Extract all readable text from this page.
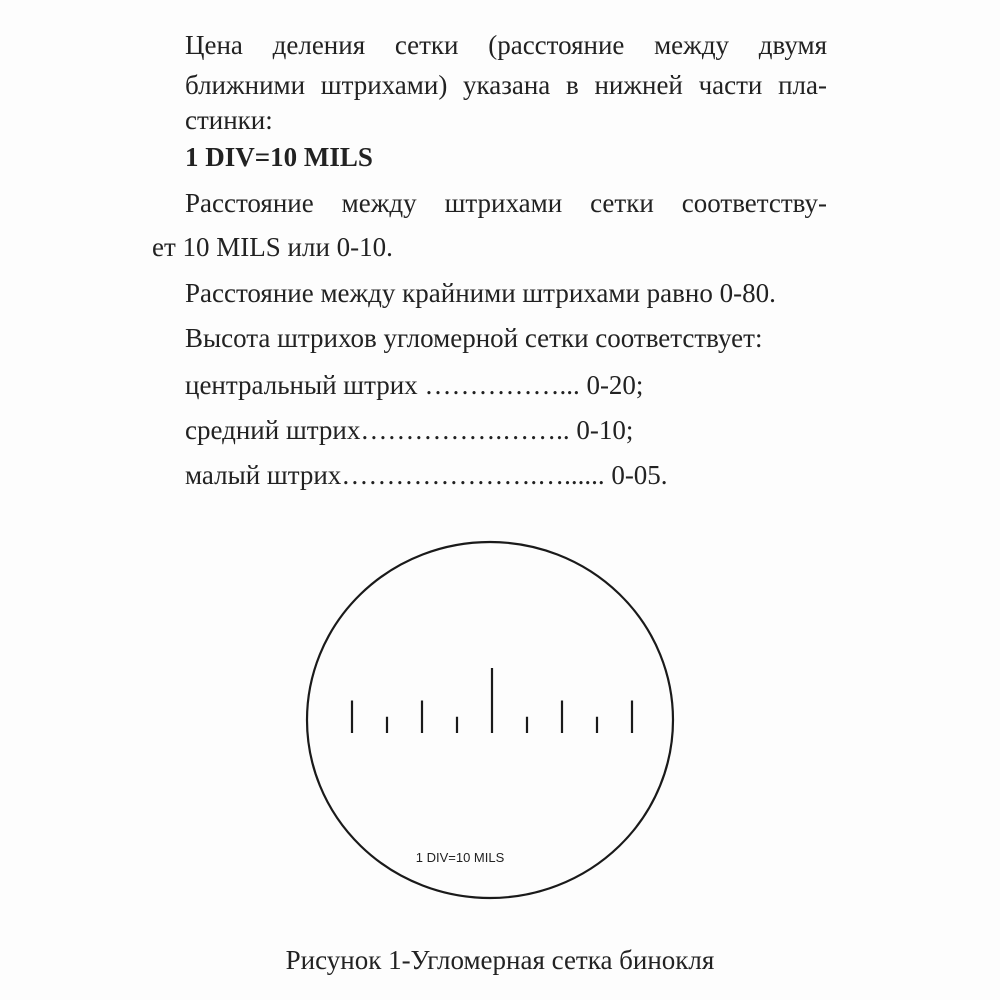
Цена деления сетки (расстояние между двумя
ближними штрихами) указана в нижней части пла-
стинки:
1 DIV=10 MILS
Расстояние между штрихами сетки соответству-
ет 10 MILS или 0-10.
Расстояние между крайними штрихами равно 0-80.
Высота штрихов угломерной сетки соответствует:
центральный штрих ……………... 0-20;
средний штрих…………….…….. 0-10;
малый штрих………………….…...... 0-05.
1 DIV=10 MILS
Рисунок 1-Угломерная сетка бинокля
